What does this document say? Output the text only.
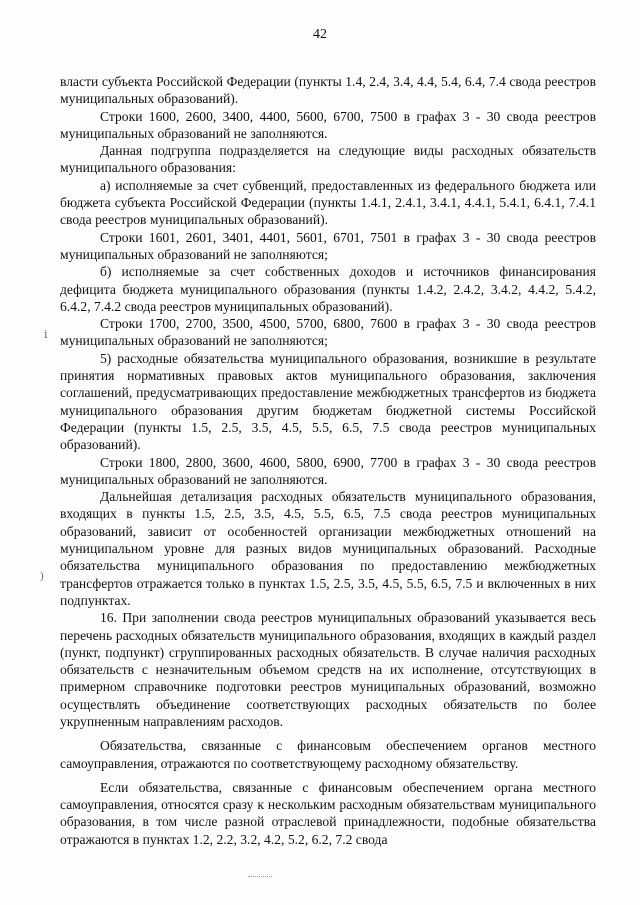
42
ⅰ
)

власти субъекта Российской Федерации (пункты 1.4, 2.4, 3.4, 4.4, 5.4, 6.4, 7.4 свода реестров муниципальных образований).

Строки 1600, 2600, 3400, 4400, 5600, 6700, 7500 в графах 3 - 30 свода реестров муниципальных образований не заполняются.

Данная подгруппа подразделяется на следующие виды расходных обязательств муниципального образования:

а) исполняемые за счет субвенций, предоставленных из федерального бюджета или бюджета субъекта Российской Федерации (пункты 1.4.1, 2.4.1, 3.4.1, 4.4.1, 5.4.1, 6.4.1, 7.4.1 свода реестров муниципальных образований).

Строки 1601, 2601, 3401, 4401, 5601, 6701, 7501 в графах 3 - 30 свода реестров муниципальных образований не заполняются;

б) исполняемые за счет собственных доходов и источников финансирования дефицита бюджета муниципального образования (пункты 1.4.2, 2.4.2, 3.4.2, 4.4.2, 5.4.2, 6.4.2, 7.4.2 свода реестров муниципальных образований).

Строки 1700, 2700, 3500, 4500, 5700, 6800, 7600 в графах 3 - 30 свода реестров муниципальных образований не заполняются;

5) расходные обязательства муниципального образования, возникшие в результате принятия нормативных правовых актов муниципального образования, заключения соглашений, предусматривающих предоставление межбюджетных трансфертов из бюджета муниципального образования другим бюджетам бюджетной системы Российской Федерации (пункты 1.5, 2.5, 3.5, 4.5, 5.5, 6.5, 7.5 свода реестров муниципальных образований).

Строки 1800, 2800, 3600, 4600, 5800, 6900, 7700 в графах 3 - 30 свода реестров муниципальных образований не заполняются.

Дальнейшая детализация расходных обязательств муниципального образования, входящих в пункты 1.5, 2.5, 3.5, 4.5, 5.5, 6.5, 7.5 свода реестров муниципальных образований, зависит от особенностей организации межбюджетных отношений на муниципальном уровне для разных видов муниципальных образований. Расходные обязательства муниципального образования по предоставлению межбюджетных трансфертов отражается только в пунктах 1.5, 2.5, 3.5, 4.5, 5.5, 6.5, 7.5 и включенных в них подпунктах.

16. При заполнении свода реестров муниципальных образований указывается весь перечень расходных обязательств муниципального образования, входящих в каждый раздел (пункт, подпункт) сгруппированных расходных обязательств. В случае наличия расходных обязательств с незначительным объемом средств на их исполнение, отсутствующих в примерном справочнике подготовки реестров муниципальных образований, возможно осуществлять объединение соответствующих расходных обязательств по более укрупненным направлениям расходов.

Обязательства, связанные с финансовым обеспечением органов местного самоуправления, отражаются по соответствующему расходному обязательству.

Если обязательства, связанные с финансовым обеспечением органа местного самоуправления, относятся сразу к нескольким расходным обязательствам муниципального образования, в том числе разной отраслевой принадлежности, подобные обязательства отражаются в пунктах 1.2, 2.2, 3.2, 4.2, 5.2, 6.2, 7.2 свода
